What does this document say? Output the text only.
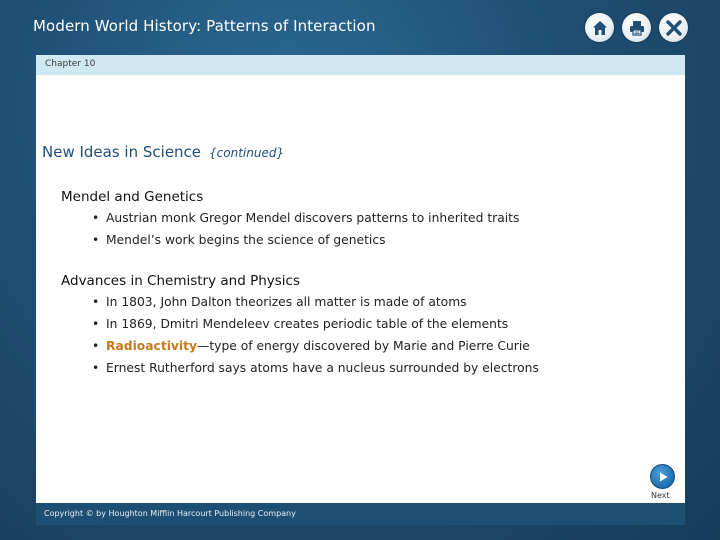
Modern World History: Patterns of Interaction
Chapter 10
New Ideas in Science {continued}
Mendel and Genetics
• Austrian monk Gregor Mendel discovers patterns to inherited traits
• Mendel’s work begins the science of genetics
Advances in Chemistry and Physics
• In 1803, John Dalton theorizes all matter is made of atoms
• In 1869, Dmitri Mendeleev creates periodic table of the elements
• Radioactivity—type of energy discovered by Marie and Pierre Curie
• Ernest Rutherford says atoms have a nucleus surrounded by electrons
Next
Copyright © by Houghton Mifflin Harcourt Publishing Company
